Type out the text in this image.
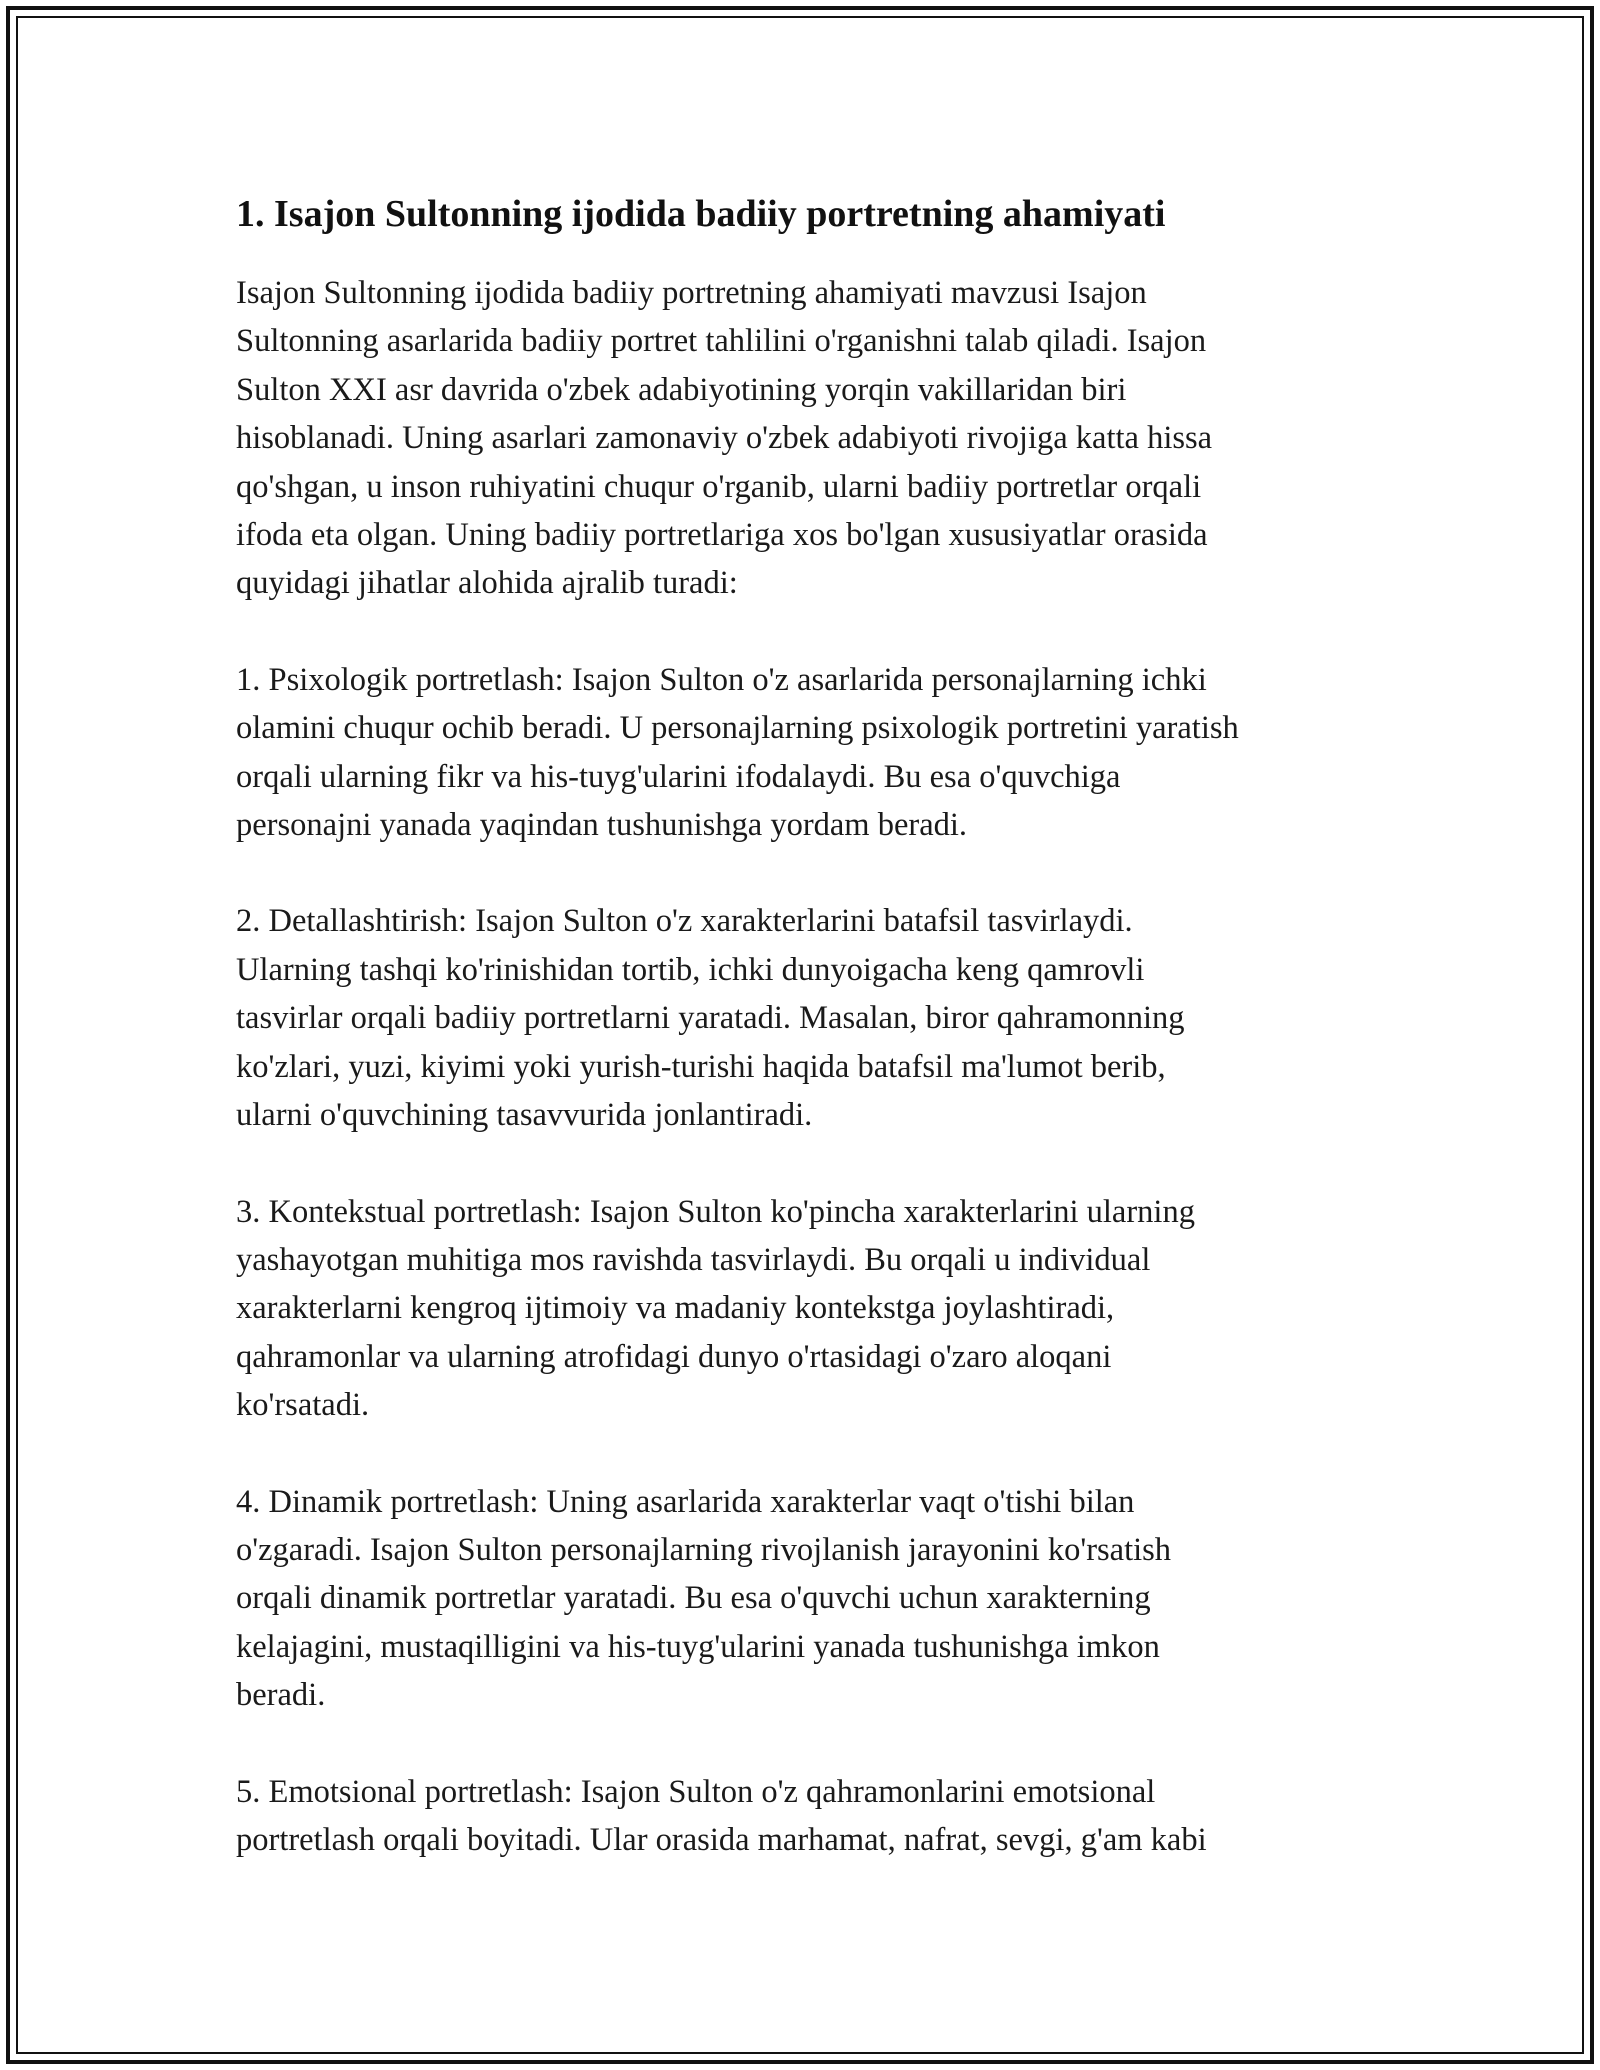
1. Isajon Sultonning ijodida badiiy portretning ahamiyati

Isajon Sultonning ijodida badiiy portretning ahamiyati mavzusi Isajon
Sultonning asarlarida badiiy portret tahlilini o'rganishni talab qiladi. Isajon
Sulton XXI asr davrida o'zbek adabiyotining yorqin vakillaridan biri
hisoblanadi. Uning asarlari zamonaviy o'zbek adabiyoti rivojiga katta hissa
qo'shgan, u inson ruhiyatini chuqur o'rganib, ularni badiiy portretlar orqali
ifoda eta olgan. Uning badiiy portretlariga xos bo'lgan xususiyatlar orasida
quyidagi jihatlar alohida ajralib turadi:

1. Psixologik portretlash: Isajon Sulton o'z asarlarida personajlarning ichki
olamini chuqur ochib beradi. U personajlarning psixologik portretini yaratish
orqali ularning fikr va his-tuyg'ularini ifodalaydi. Bu esa o'quvchiga
personajni yanada yaqindan tushunishga yordam beradi.

2. Detallashtirish: Isajon Sulton o'z xarakterlarini batafsil tasvirlaydi.
Ularning tashqi ko'rinishidan tortib, ichki dunyoigacha keng qamrovli
tasvirlar orqali badiiy portretlarni yaratadi. Masalan, biror qahramonning
ko'zlari, yuzi, kiyimi yoki yurish-turishi haqida batafsil ma'lumot berib,
ularni o'quvchining tasavvurida jonlantiradi.

3. Kontekstual portretlash: Isajon Sulton ko'pincha xarakterlarini ularning
yashayotgan muhitiga mos ravishda tasvirlaydi. Bu orqali u individual
xarakterlarni kengroq ijtimoiy va madaniy kontekstga joylashtiradi,
qahramonlar va ularning atrofidagi dunyo o'rtasidagi o'zaro aloqani
ko'rsatadi.

4. Dinamik portretlash: Uning asarlarida xarakterlar vaqt o'tishi bilan
o'zgaradi. Isajon Sulton personajlarning rivojlanish jarayonini ko'rsatish
orqali dinamik portretlar yaratadi. Bu esa o'quvchi uchun xarakterning
kelajagini, mustaqilligini va his-tuyg'ularini yanada tushunishga imkon
beradi.

5. Emotsional portretlash: Isajon Sulton o'z qahramonlarini emotsional
portretlash orqali boyitadi. Ular orasida marhamat, nafrat, sevgi, g'am kabi
